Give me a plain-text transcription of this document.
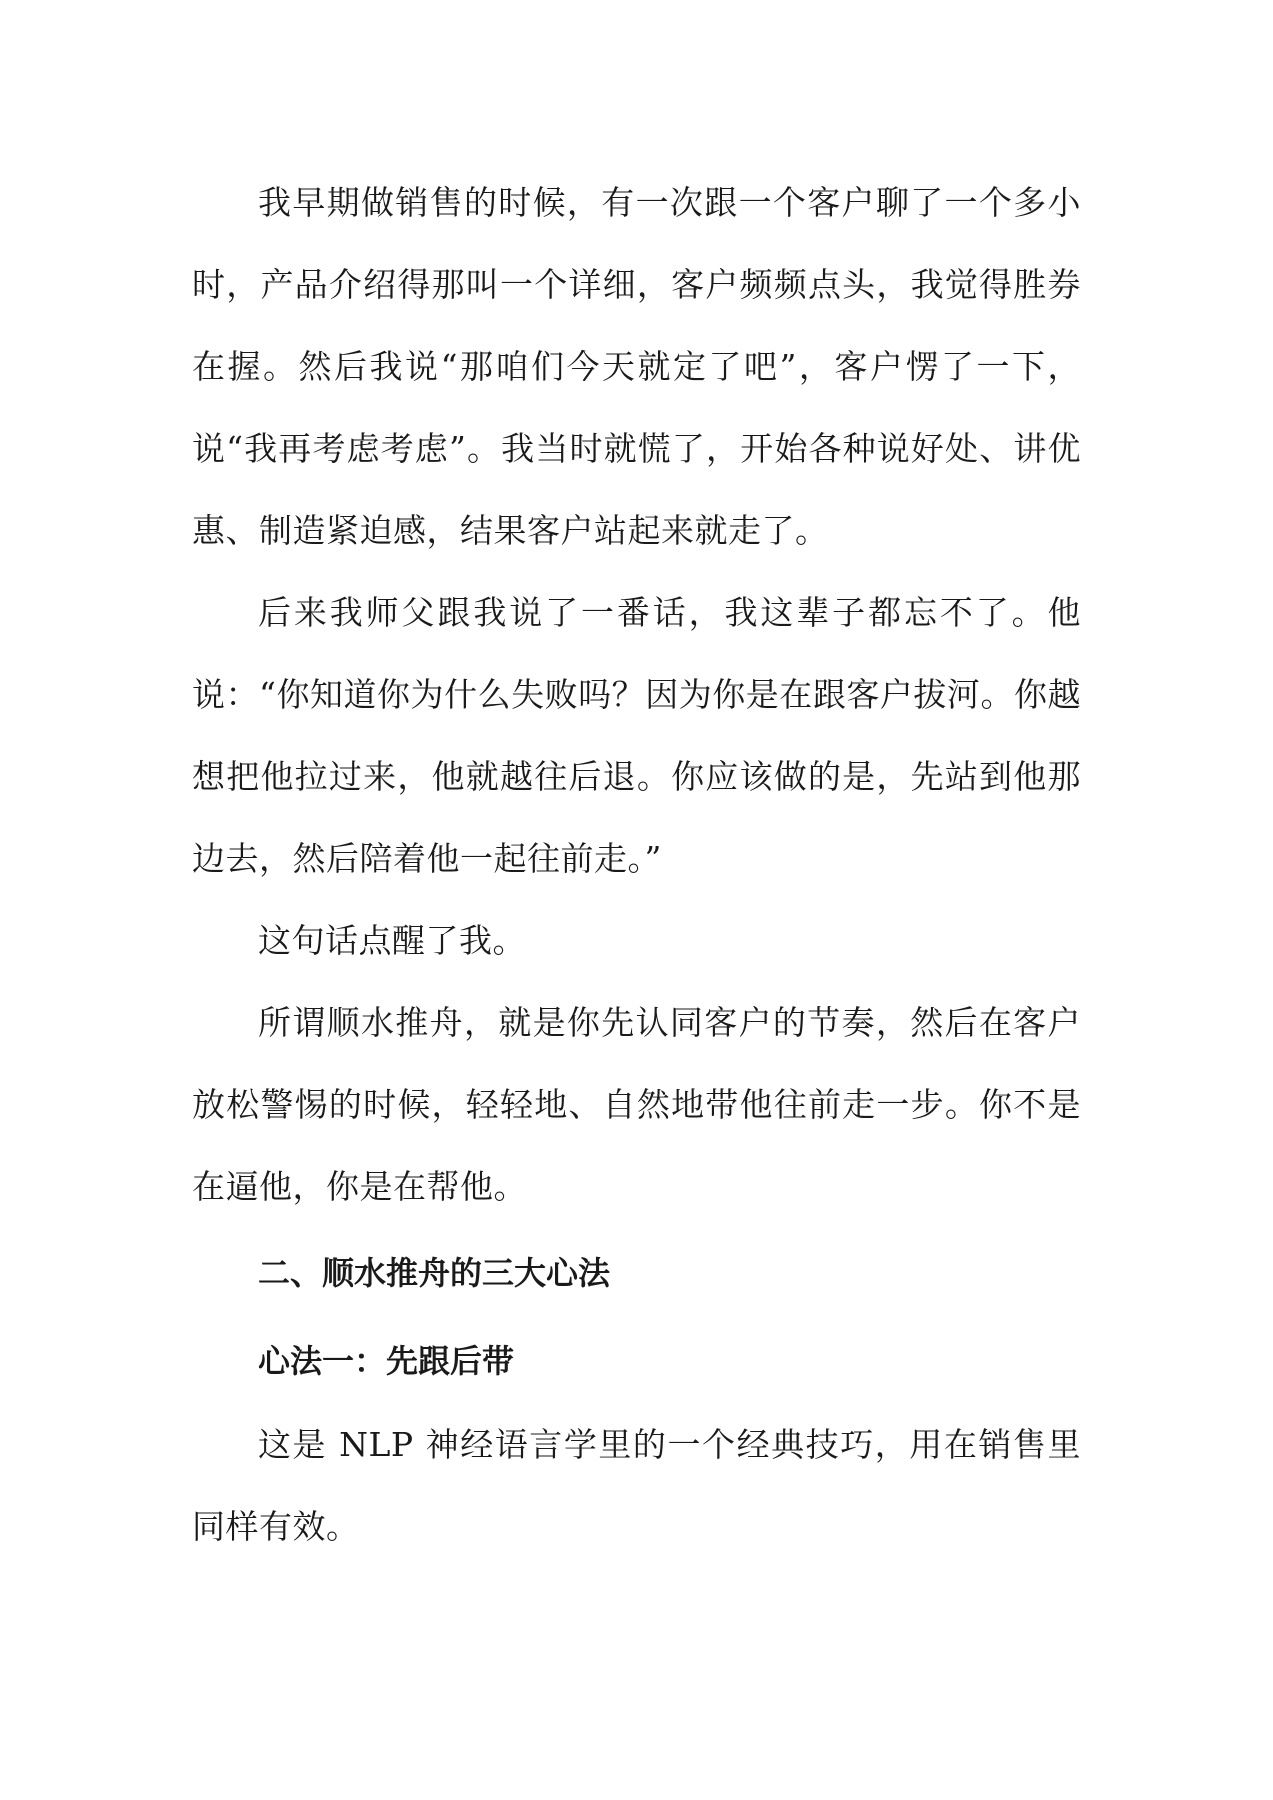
我早期做销售的时候，有一次跟一个客户聊了一个多小时，产品介绍得那叫一个详细，客户频频点头，我觉得胜券在握。然后我说“那咱们今天就定了吧”，客户愣了一下，说“我再考虑考虑”。我当时就慌了，开始各种说好处、讲优惠、制造紧迫感，结果客户站起来就走了。

后来我师父跟我说了一番话，我这辈子都忘不了。他说：“你知道你为什么失败吗？因为你是在跟客户拔河。你越想把他拉过来，他就越往后退。你应该做的是，先站到他那边去，然后陪着他一起往前走。”

这句话点醒了我。

所谓顺水推舟，就是你先认同客户的节奏，然后在客户放松警惕的时候，轻轻地、自然地带他往前走一步。你不是在逼他，你是在帮他。

二、顺水推舟的三大心法
心法一：先跟后带

这是 NLP 神经语言学里的一个经典技巧，用在销售里同样有效。
